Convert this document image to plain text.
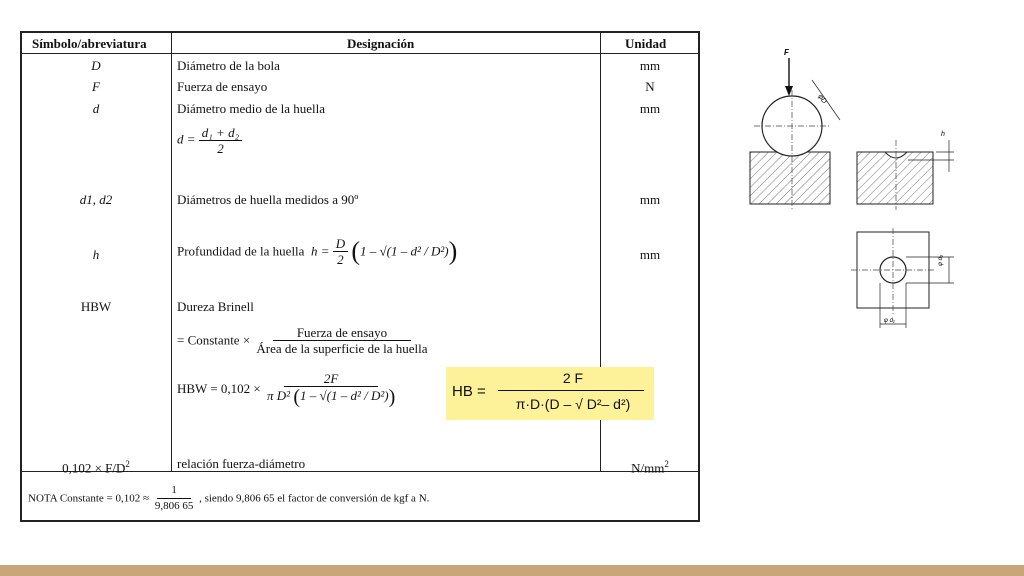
Símbolo/abreviatura	Designación	Unidad
D	Diámetro de la bola	mm
F	Fuerza de ensayo	N
d	Diámetro medio de la huella	mm
$d = \frac{\text{d₁ + d₂}}{2}$
d1, d2	Diámetros de huella medidos a 90º	mm
h	Profundidad de la huella $h = \frac{D}{2} (1 - √(1 - d^2 / D^2))$	mm
HBW	Dureza Brinell
= Constante × $\frac{\text{Fuerza de ensayo}}{\text{Área de la superficie de la huella}}$
HBW = $0,102 \times \frac{2F}{\text{π D² (1 – √(1 – d² / D²))}}$
$0,102 \times F/D^2$	relación fuerza-diámetro	$N/mm^2$
NOTA Constante = $0,102 \approx \frac{1}{9,806 65}$ , siendo 9,806 65 el factor de conversión de kgf a N.
HB =
2 F
π·D·(D – √ D²– d²)
F
φD
h
φ d₂
φ d₁
